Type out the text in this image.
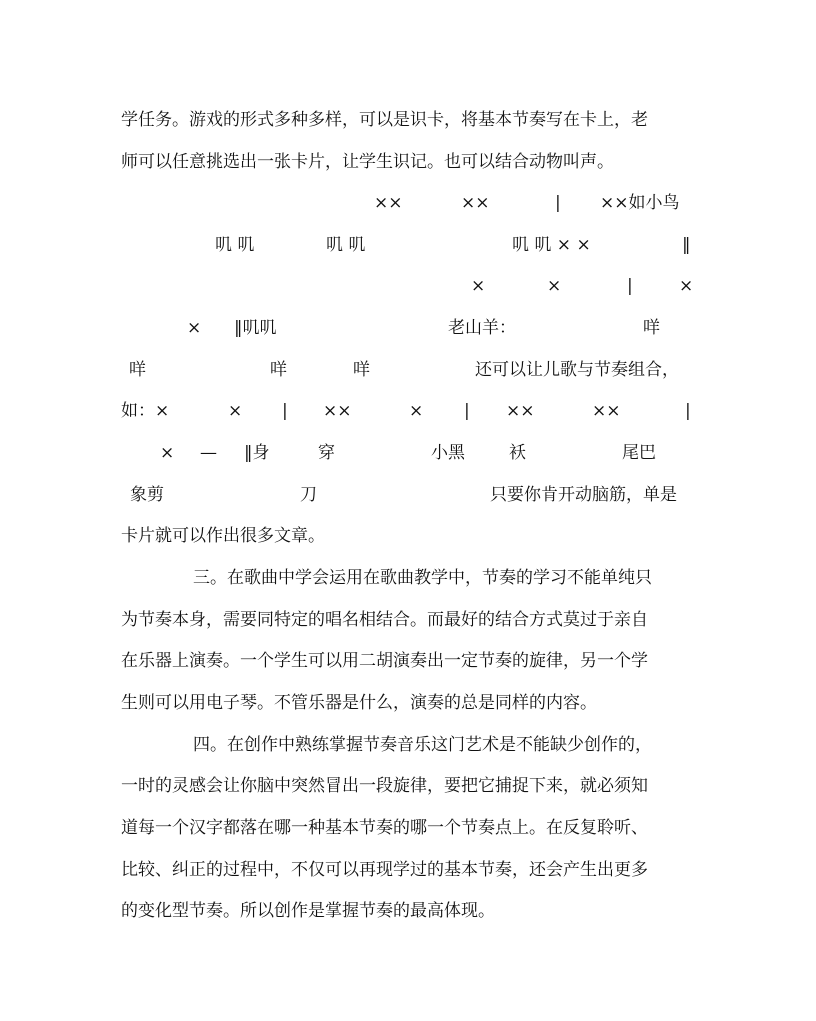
学任务。游戏的形式多种多样，可以是识卡，将基本节奏写在卡上，老
师可以任意挑选出一张卡片，让学生识记。也可以结合动物叫声。
××	××	| ××如小鸟
叽 叽	叽 叽	叽 叽 × ×	‖
×	×	|	×
× ‖叽叽	老山羊：	咩
咩	咩	咩	还可以让儿歌与节奏组合，
如：×	× | ××	× | ××	××	|
× — ‖身	穿	小黑	袄	尾巴
象剪	刀	只要你肯开动脑筋，单是
卡片就可以作出很多文章。
三。在歌曲中学会运用在歌曲教学中，节奏的学习不能单纯只
为节奏本身，需要同特定的唱名相结合。而最好的结合方式莫过于亲自
在乐器上演奏。一个学生可以用二胡演奏出一定节奏的旋律，另一个学
生则可以用电子琴。不管乐器是什么，演奏的总是同样的内容。
四。在创作中熟练掌握节奏音乐这门艺术是不能缺少创作的，
一时的灵感会让你脑中突然冒出一段旋律，要把它捕捉下来，就必须知
道每一个汉字都落在哪一种基本节奏的哪一个节奏点上。在反复聆听、
比较、纠正的过程中，不仅可以再现学过的基本节奏，还会产生出更多
的变化型节奏。所以创作是掌握节奏的最高体现。
